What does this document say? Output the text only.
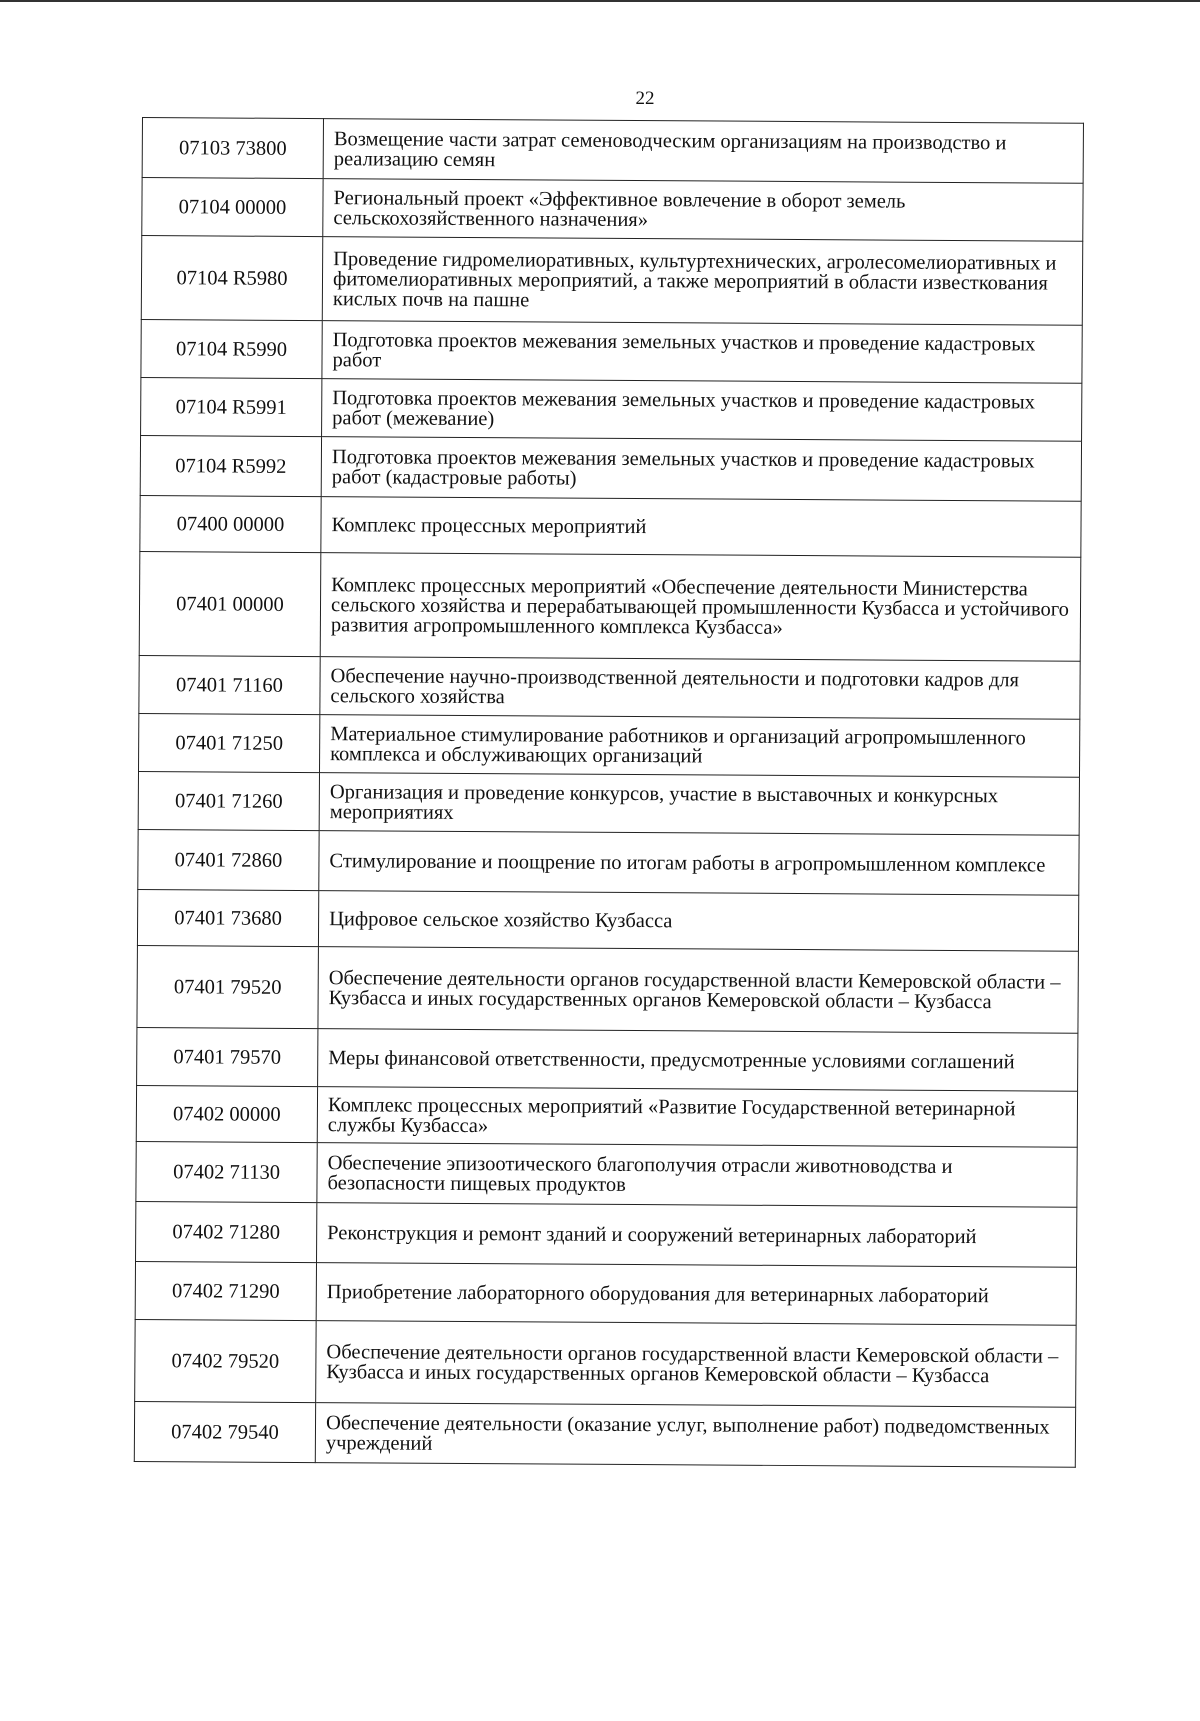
22
07103 73800	Возмещение части затрат семеноводческим организациям на производство и реализацию семян
07104 00000	Региональный проект «Эффективное вовлечение в оборот земель сельскохозяйственного назначения»
07104 R5980	Проведение гидромелиоративных, культуртехнических, агролесомелиоративных и фитомелиоративных мероприятий, а также мероприятий в области известкования кислых почв на пашне
07104 R5990	Подготовка проектов межевания земельных участков и проведение кадастровых работ
07104 R5991	Подготовка проектов межевания земельных участков и проведение кадастровых работ (межевание)
07104 R5992	Подготовка проектов межевания земельных участков и проведение кадастровых работ (кадастровые работы)
07400 00000	Комплекс процессных мероприятий
07401 00000	Комплекс процессных мероприятий «Обеспечение деятельности Министерства сельского хозяйства и перерабатывающей промышленности Кузбасса и устойчивого развития агропромышленного комплекса Кузбасса»
07401 71160	Обеспечение научно-производственной деятельности и подготовки кадров для сельского хозяйства
07401 71250	Материальное стимулирование работников и организаций агропромышленного комплекса и обслуживающих организаций
07401 71260	Организация и проведение конкурсов, участие в выставочных и конкурсных мероприятиях
07401 72860	Стимулирование и поощрение по итогам работы в агропромышленном комплексе
07401 73680	Цифровое сельское хозяйство Кузбасса
07401 79520	Обеспечение деятельности органов государственной власти Кемеровской области – Кузбасса и иных государственных органов Кемеровской области – Кузбасса
07401 79570	Меры финансовой ответственности, предусмотренные условиями соглашений
07402 00000	Комплекс процессных мероприятий «Развитие Государственной ветеринарной службы Кузбасса»
07402 71130	Обеспечение эпизоотического благополучия отрасли животноводства и безопасности пищевых продуктов
07402 71280	Реконструкция и ремонт зданий и сооружений ветеринарных лабораторий
07402 71290	Приобретение лабораторного оборудования для ветеринарных лабораторий
07402 79520	Обеспечение деятельности органов государственной власти Кемеровской области – Кузбасса и иных государственных органов Кемеровской области – Кузбасса
07402 79540	Обеспечение деятельности (оказание услуг, выполнение работ) подведомственных учреждений
